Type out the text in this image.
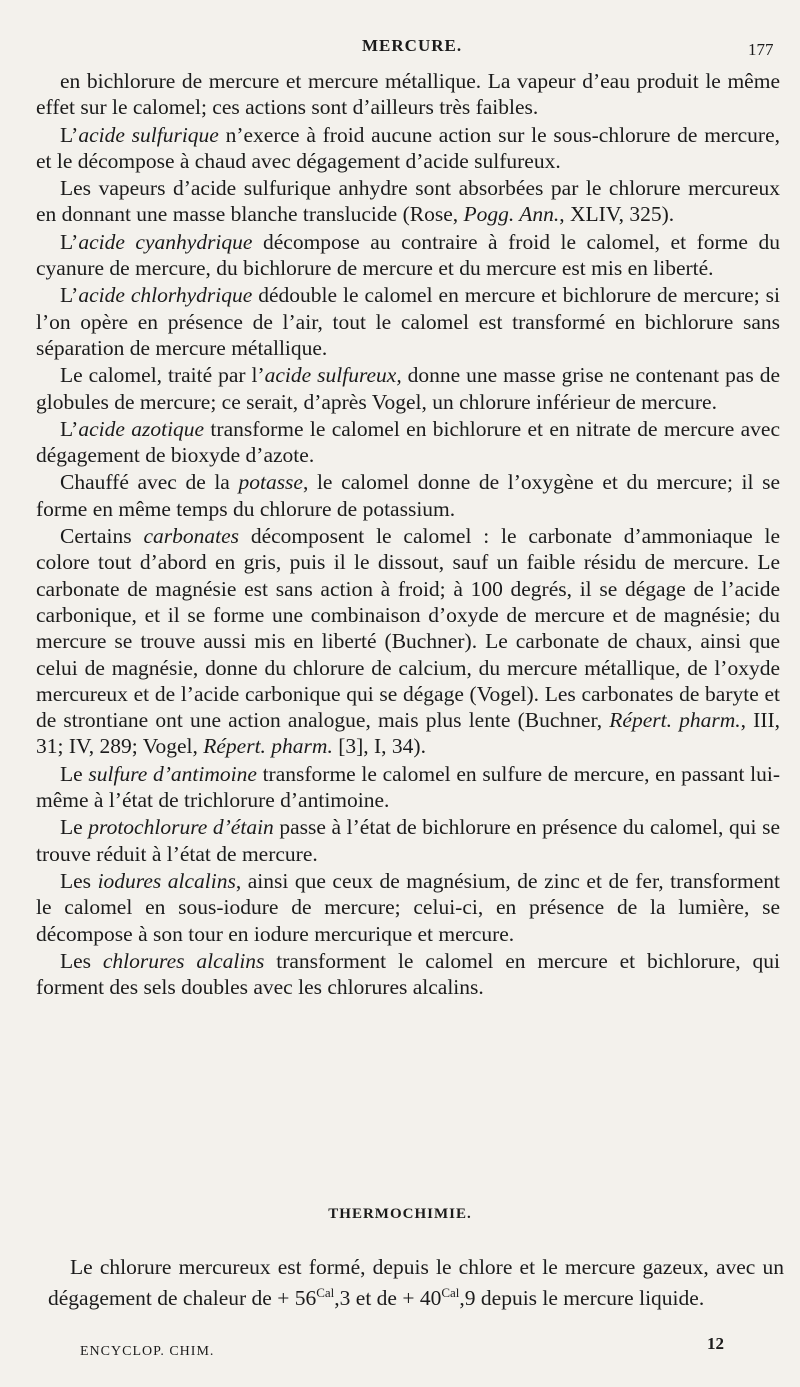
MERCURE.	177

en bichlorure de mercure et mercure métallique. La vapeur d’eau produit le même effet sur le calomel; ces actions sont d’ailleurs très faibles.

L’acide sulfurique n’exerce à froid aucune action sur le sous-chlorure de mercure, et le décompose à chaud avec dégagement d’acide sulfureux.

Les vapeurs d’acide sulfurique anhydre sont absorbées par le chlorure mercureux en donnant une masse blanche translucide (Rose, Pogg. Ann., XLIV, 325).

L’acide cyanhydrique décompose au contraire à froid le calomel, et forme du cyanure de mercure, du bichlorure de mercure et du mercure est mis en liberté.

L’acide chlorhydrique dédouble le calomel en mercure et bichlorure de mercure; si l’on opère en présence de l’air, tout le calomel est transformé en bichlorure sans séparation de mercure métallique.

Le calomel, traité par l’acide sulfureux, donne une masse grise ne contenant pas de globules de mercure; ce serait, d’après Vogel, un chlorure inférieur de mercure.

L’acide azotique transforme le calomel en bichlorure et en nitrate de mercure avec dégagement de bioxyde d’azote.

Chauffé avec de la potasse, le calomel donne de l’oxygène et du mercure; il se forme en même temps du chlorure de potassium.

Certains carbonates décomposent le calomel : le carbonate d’ammoniaque le colore tout d’abord en gris, puis il le dissout, sauf un faible résidu de mercure. Le carbonate de magnésie est sans action à froid; à 100 degrés, il se dégage de l’acide carbonique, et il se forme une combinaison d’oxyde de mercure et de magnésie; du mercure se trouve aussi mis en liberté (Buchner). Le carbonate de chaux, ainsi que celui de magnésie, donne du chlorure de calcium, du mercure métallique, de l’oxyde mercureux et de l’acide carbonique qui se dégage (Vogel). Les carbonates de baryte et de strontiane ont une action analogue, mais plus lente (Buchner, Répert. pharm., III, 31; IV, 289; Vogel, Répert. pharm. [3], I, 34).

Le sulfure d’antimoine transforme le calomel en sulfure de mercure, en passant lui-même à l’état de trichlorure d’antimoine.

Le protochlorure d’étain passe à l’état de bichlorure en présence du calomel, qui se trouve réduit à l’état de mercure.

Les iodures alcalins, ainsi que ceux de magnésium, de zinc et de fer, transforment le calomel en sous-iodure de mercure; celui-ci, en présence de la lumière, se décompose à son tour en iodure mercurique et mercure.

Les chlorures alcalins transforment le calomel en mercure et bichlorure, qui forment des sels doubles avec les chlorures alcalins.

THERMOCHIMIE.

Le chlorure mercureux est formé, depuis le chlore et le mercure gazeux, avec un dégagement de chaleur de + $56^{Cal},3$ et de + $40^{Cal},9$ depuis le mercure liquide.

ENCYCLOP. CHIM.	12
